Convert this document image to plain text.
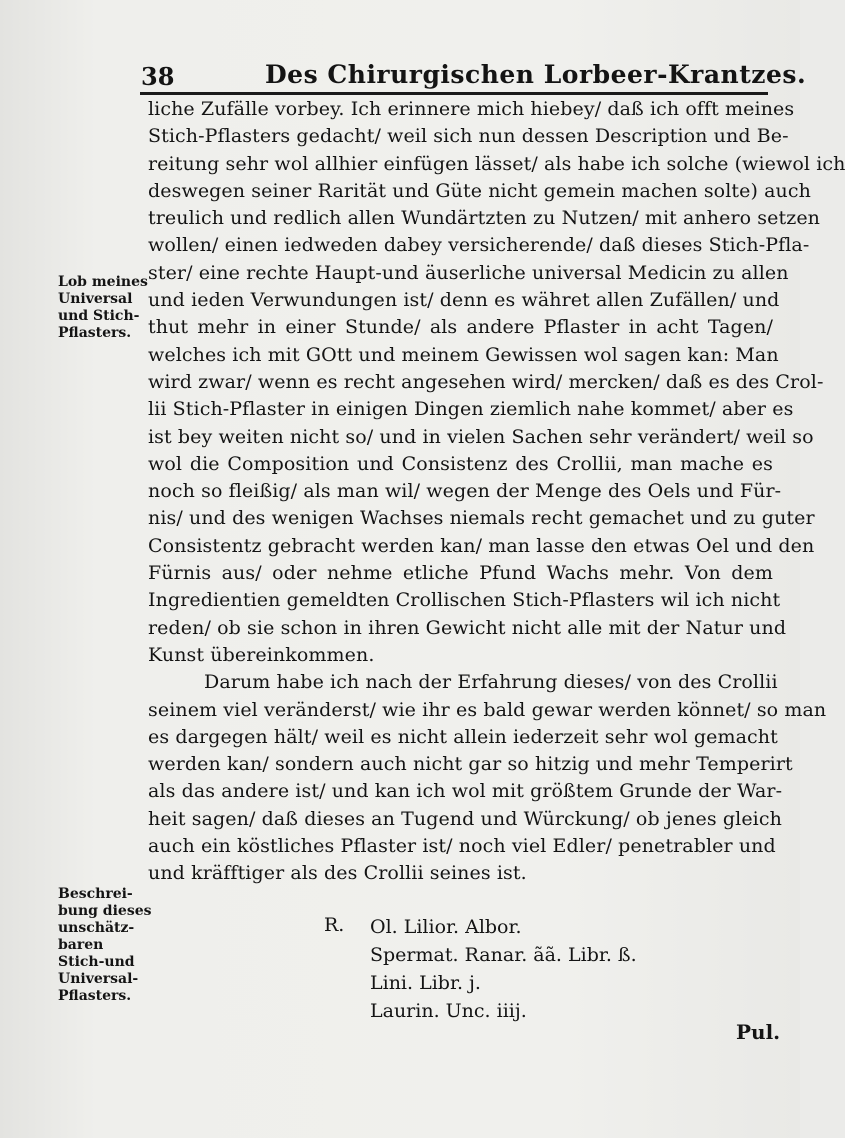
38	Des Chirurgischen Lorbeer-Krantzes.
liche Zufälle vorbey. Ich erinnere mich hiebey/ daß ich offt meines
Stich-Pflasters gedacht/ weil sich nun dessen Description und Be-
reitung sehr wol allhier einfügen lässet/ als habe ich solche (wiewol ich
deswegen seiner Rarität und Güte nicht gemein machen solte) auch
treulich und redlich allen Wundärtzten zu Nutzen/ mit anhero setzen
wollen/ einen iedweden dabey versicherende/ daß dieses Stich-Pfla-
ster/ eine rechte Haupt-und äuserliche universal Medicin zu allen
und ieden Verwundungen ist/ denn es währet allen Zufällen/ und
thut mehr in einer Stunde/ als andere Pflaster in acht Tagen/
welches ich mit GOtt und meinem Gewissen wol sagen kan: Man
wird zwar/ wenn es recht angesehen wird/ mercken/ daß es des Crol-
lii Stich-Pflaster in einigen Dingen ziemlich nahe kommet/ aber es
ist bey weiten nicht so/ und in vielen Sachen sehr verändert/ weil so
wol die Composition und Consistenz des Crollii, man mache es
noch so fleißig/ als man wil/ wegen der Menge des Oels und Für-
nis/ und des wenigen Wachses niemals recht gemachet und zu guter
Consistentz gebracht werden kan/ man lasse den etwas Oel und den
Fürnis aus/ oder nehme etliche Pfund Wachs mehr. Von dem
Ingredientien gemeldten Crollischen Stich-Pflasters wil ich nicht
reden/ ob sie schon in ihren Gewicht nicht alle mit der Natur und
Kunst übereinkommen.
Darum habe ich nach der Erfahrung dieses/ von des Crollii
seinem viel veränderst/ wie ihr es bald gewar werden könnet/ so man
es dargegen hält/ weil es nicht allein iederzeit sehr wol gemacht
werden kan/ sondern auch nicht gar so hitzig und mehr Temperirt
als das andere ist/ und kan ich wol mit größtem Grunde der War-
heit sagen/ daß dieses an Tugend und Würckung/ ob jenes gleich
auch ein köstliches Pflaster ist/ noch viel Edler/ penetrabler und
und kräfftiger als des Crollii seines ist.
R. Ol. Lilior. Albor.
Spermat. Ranar. ãã. Libr. ß.
Lini. Libr. j.
Laurin. Unc. iiij.
Pul.
Lob meines
Universal
und Stich-
Pflasters.
Beschrei-
bung dieses
unschätz-
baren
Stich-und
Universal-
Pflasters.
